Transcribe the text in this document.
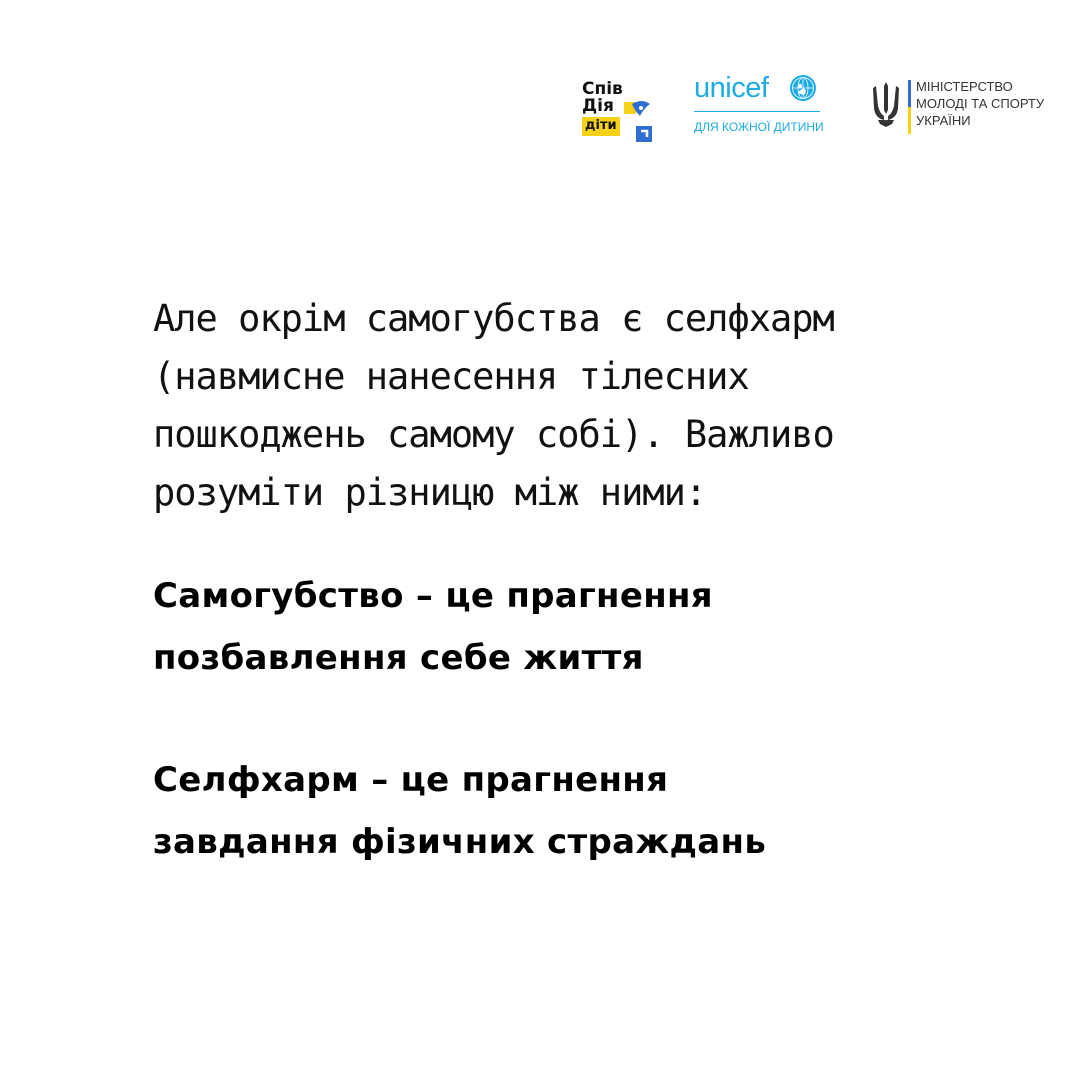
Спів
Дія
діти
unicef
ДЛЯ КОЖНОЇ ДИТИНИ
МІНІСТЕРСТВО
МОЛОДІ ТА СПОРТУ
УКРАЇНИ

Але окрім самогубства є селфхарм
(навмисне нанесення тілесних
пошкоджень самому собі). Важливо
розуміти різницю між ними:

Самогубство – це прагнення
позбавлення себе життя

Селфхарм – це прагнення
завдання фізичних страждань
